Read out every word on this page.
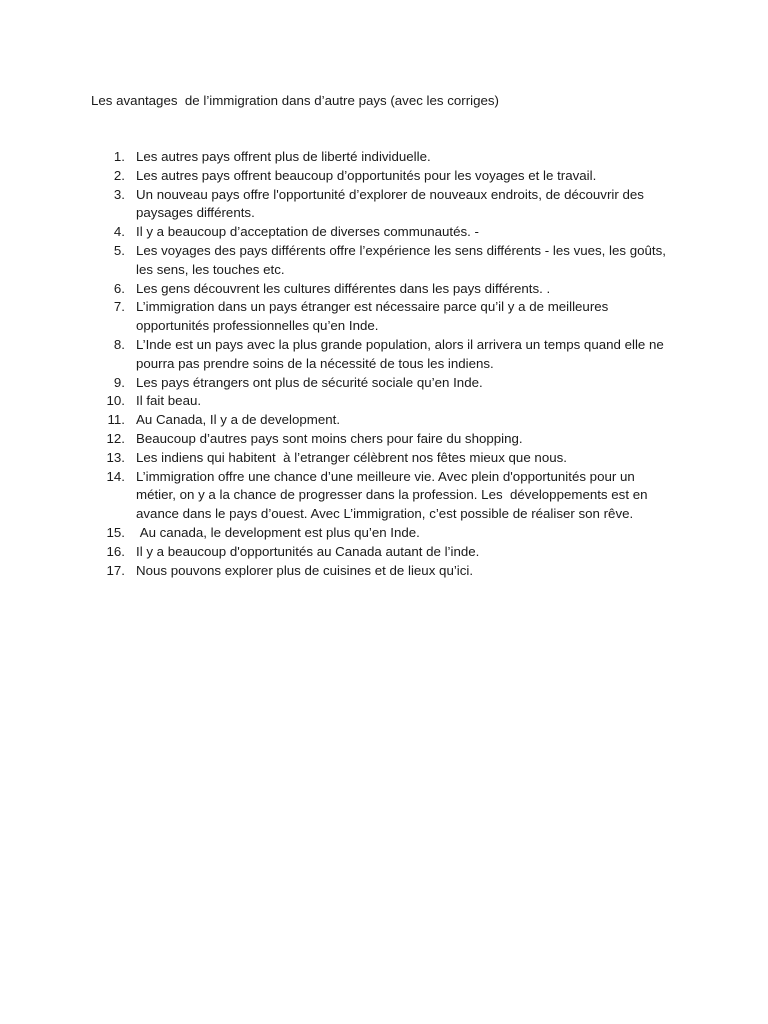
Les avantages  de l’immigration dans d’autre pays (avec les corriges)
1. Les autres pays offrent plus de liberté individuelle.
2. Les autres pays offrent beaucoup d’opportunités pour les voyages et le travail.
3. Un nouveau pays offre l'opportunité d’explorer de nouveaux endroits, de découvrir des paysages différents.
4. Il y a beaucoup d’acceptation de diverses communautés. -
5. Les voyages des pays différents offre l’expérience les sens différents - les vues, les goûts, les sens, les touches etc.
6. Les gens découvrent les cultures différentes dans les pays différents. .
7. L’immigration dans un pays étranger est nécessaire parce qu’il y a de meilleures opportunités professionnelles qu’en Inde.
8. L’Inde est un pays avec la plus grande population, alors il arrivera un temps quand elle ne pourra pas prendre soins de la nécessité de tous les indiens.
9. Les pays étrangers ont plus de sécurité sociale qu’en Inde.
10. Il fait beau.
11. Au Canada, Il y a de development.
12. Beaucoup d’autres pays sont moins chers pour faire du shopping.
13. Les indiens qui habitent  à l’etranger célèbrent nos fêtes mieux que nous.
14. L’immigration offre une chance d’une meilleure vie. Avec plein d'opportunités pour un métier, on y a la chance de progresser dans la profession. Les  développements est en avance dans le pays d’ouest. Avec L’immigration, c’est possible de réaliser son rêve.
15. Au canada, le development est plus qu’en Inde.
16. Il y a beaucoup d'opportunités au Canada autant de l’inde.
17. Nous pouvons explorer plus de cuisines et de lieux qu’ici.
